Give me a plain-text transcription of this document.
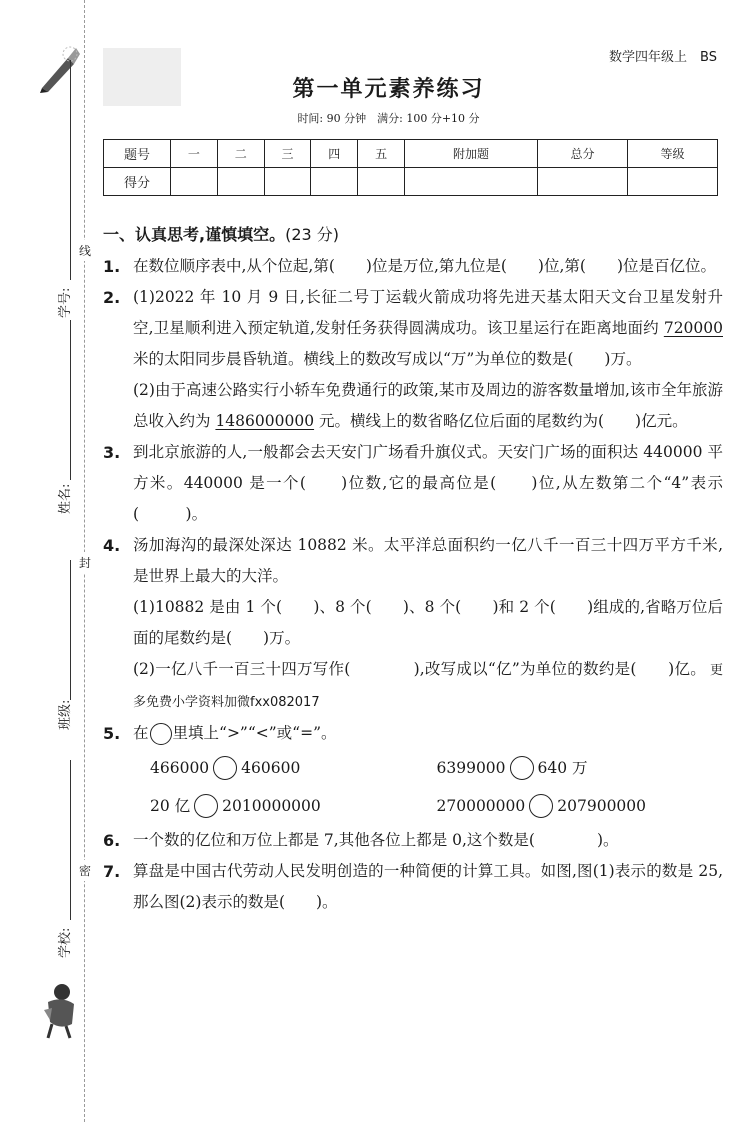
学号:
线
姓名:
封
班级:
密
学校:
数学四年级上　BS
第一单元素养练习
时间: 90 分钟　满分: 100 分+10 分
题号	一	二	三	四	五	附加题	总分	等级
得分								
一、认真思考,谨慎填空。(23 分)
1. 在数位顺序表中,从个位起,第(　　)位是万位,第九位是(　　)位,第(　　)位是百亿位。
2. (1)2022 年 10 月 9 日,长征二号丁运载火箭成功将先进天基太阳天文台卫星发射升空,卫星顺利进入预定轨道,发射任务获得圆满成功。该卫星运行在距离地面约 720000 米的太阳同步晨昏轨道。横线上的数改写成以“万”为单位的数是(　　)万。
(2)由于高速公路实行小轿车免费通行的政策,某市及周边的游客数量增加,该市全年旅游总收入约为 1486000000 元。横线上的数省略亿位后面的尾数约为(　　)亿元。
3. 到北京旅游的人,一般都会去天安门广场看升旗仪式。天安门广场的面积达 440000 平方米。440000 是一个(　　)位数,它的最高位是(　　)位,从左数第二个“4”表示(　　　)。
4. 汤加海沟的最深处深达 10882 米。太平洋总面积约一亿八千一百三十四万平方千米,是世界上最大的大洋。
(1)10882 是由 1 个(　　)、8 个(　　)、8 个(　　)和 2 个(　　)组成的,省略万位后面的尾数约是(　　)万。
(2)一亿八千一百三十四万写作(　　　　),改写成以“亿”为单位的数约是(　　)亿。 更多免费小学资料加微fxx082017
5. 在 里填上“>”“<”或“=”。
466000 460600	6399000 640 万
20 亿 2010000000	270000000 207900000
6. 一个数的亿位和万位上都是 7,其他各位上都是 0,这个数是(　　　　)。
7. 算盘是中国古代劳动人民发明创造的一种简便的计算工具。如图,图(1)表示的数是 25,那么图(2)表示的数是(　　)。
